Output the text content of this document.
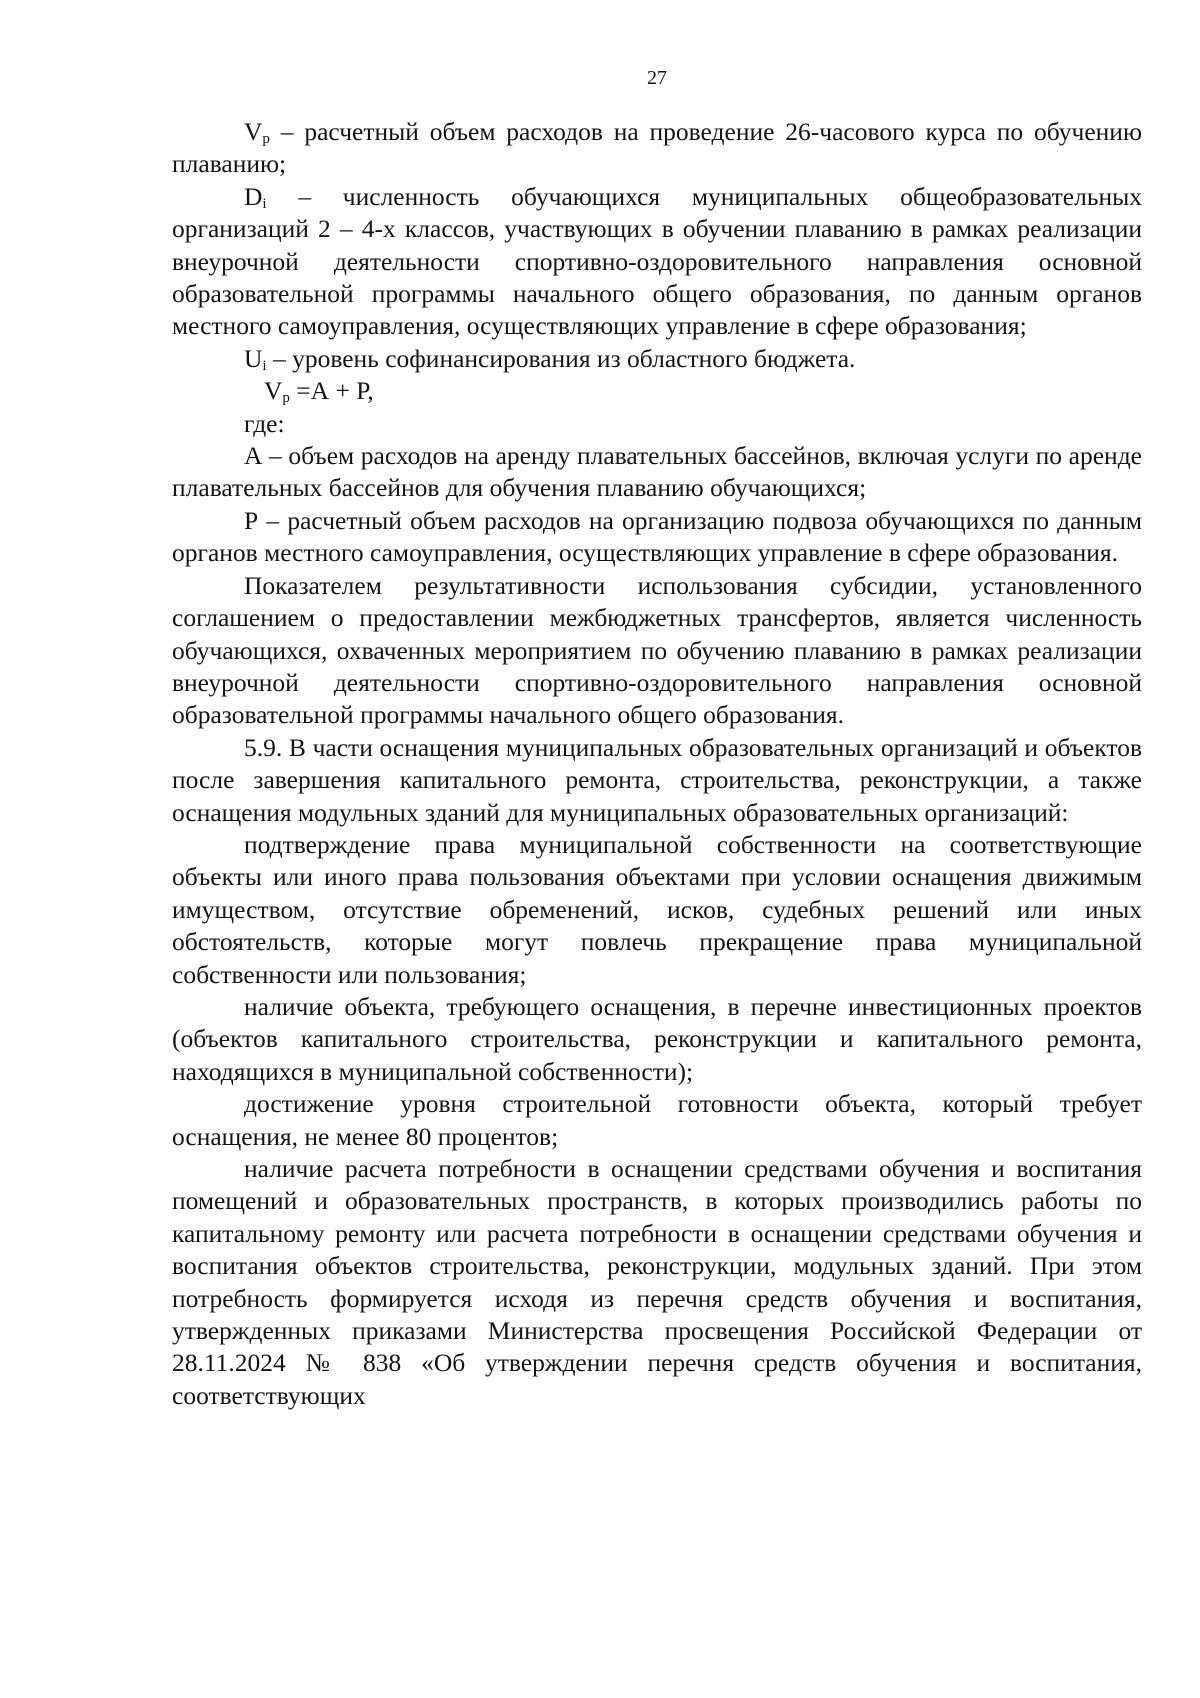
27

$V_р$ – расчетный объем расходов на проведение 26-часового курса по обучению плаванию;

$D_i$ – численность обучающихся муниципальных общеобразовательных организаций 2 – 4-х классов, участвующих в обучении плаванию в рамках реализации внеурочной деятельности спортивно-оздоровительного направления основной образовательной программы начального общего образования, по данным органов местного самоуправления, осуществляющих управление в сфере образования;

$U_i$ – уровень софинансирования из областного бюджета.

$V_р =А + Р$,

где:

А – объем расходов на аренду плавательных бассейнов, включая услуги по аренде плавательных бассейнов для обучения плаванию обучающихся;

Р – расчетный объем расходов на организацию подвоза обучающихся по данным органов местного самоуправления, осуществляющих управление в сфере образования.

Показателем результативности использования субсидии, установленного соглашением о предоставлении межбюджетных трансфертов, является численность обучающихся, охваченных мероприятием по обучению плаванию в рамках реализации внеурочной деятельности спортивно-оздоровительного направления основной образовательной программы начального общего образования.

5.9. В части оснащения муниципальных образовательных организаций и объектов после завершения капитального ремонта, строительства, реконструкции, а также оснащения модульных зданий для муниципальных образовательных организаций:

подтверждение права муниципальной собственности на соответствующие объекты или иного права пользования объектами при условии оснащения движимым имуществом, отсутствие обременений, исков, судебных решений или иных обстоятельств, которые могут повлечь прекращение права муниципальной собственности или пользования;

наличие объекта, требующего оснащения, в перечне инвестиционных проектов (объектов капитального строительства, реконструкции и капитального ремонта, находящихся в муниципальной собственности);

достижение уровня строительной готовности объекта, который требует оснащения, не менее 80 процентов;

наличие расчета потребности в оснащении средствами обучения и воспитания помещений и образовательных пространств, в которых производились работы по капитальному ремонту или расчета потребности в оснащении средствами обучения и воспитания объектов строительства, реконструкции, модульных зданий. При этом потребность формируется исходя из перечня средств обучения и воспитания, утвержденных приказами Министерства просвещения Российской Федерации от 28.11.2024 № 838 «Об утверждении перечня средств обучения и воспитания, соответствующих
